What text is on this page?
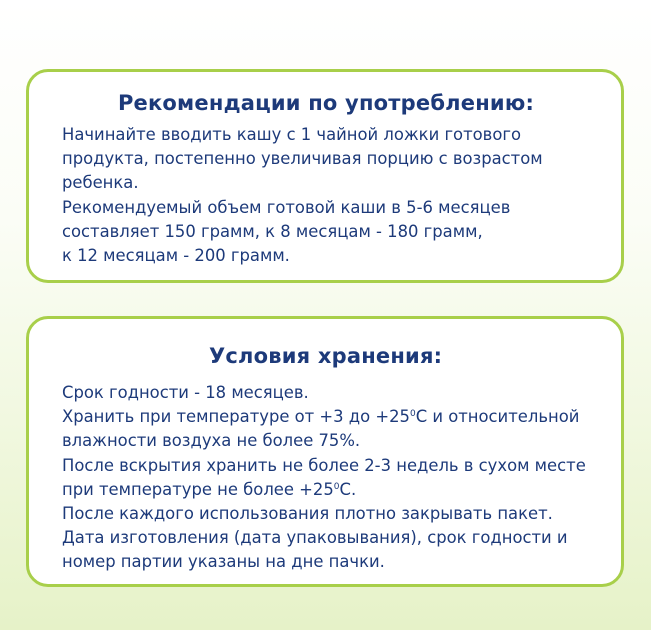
Рекомендации по употреблению:
Начинайте вводить кашу с 1 чайной ложки готового
продукта, постепенно увеличивая порцию с возрастом
ребенка.
Рекомендуемый объем готовой каши в 5-6 месяцев
составляет 150 грамм, к 8 месяцам - 180 грамм,
к 12 месяцам - 200 грамм.
Условия хранения:
Срок годности - 18 месяцев.
Хранить при температуре от +3 до $+25^0С$ и относительной
влажности воздуха не более 75%.
После вскрытия хранить не более 2-3 недель в сухом месте
при температуре не более $+25^0С$.
После каждого использования плотно закрывать пакет.
Дата изготовления (дата упаковывания), срок годности и
номер партии указаны на дне пачки.
